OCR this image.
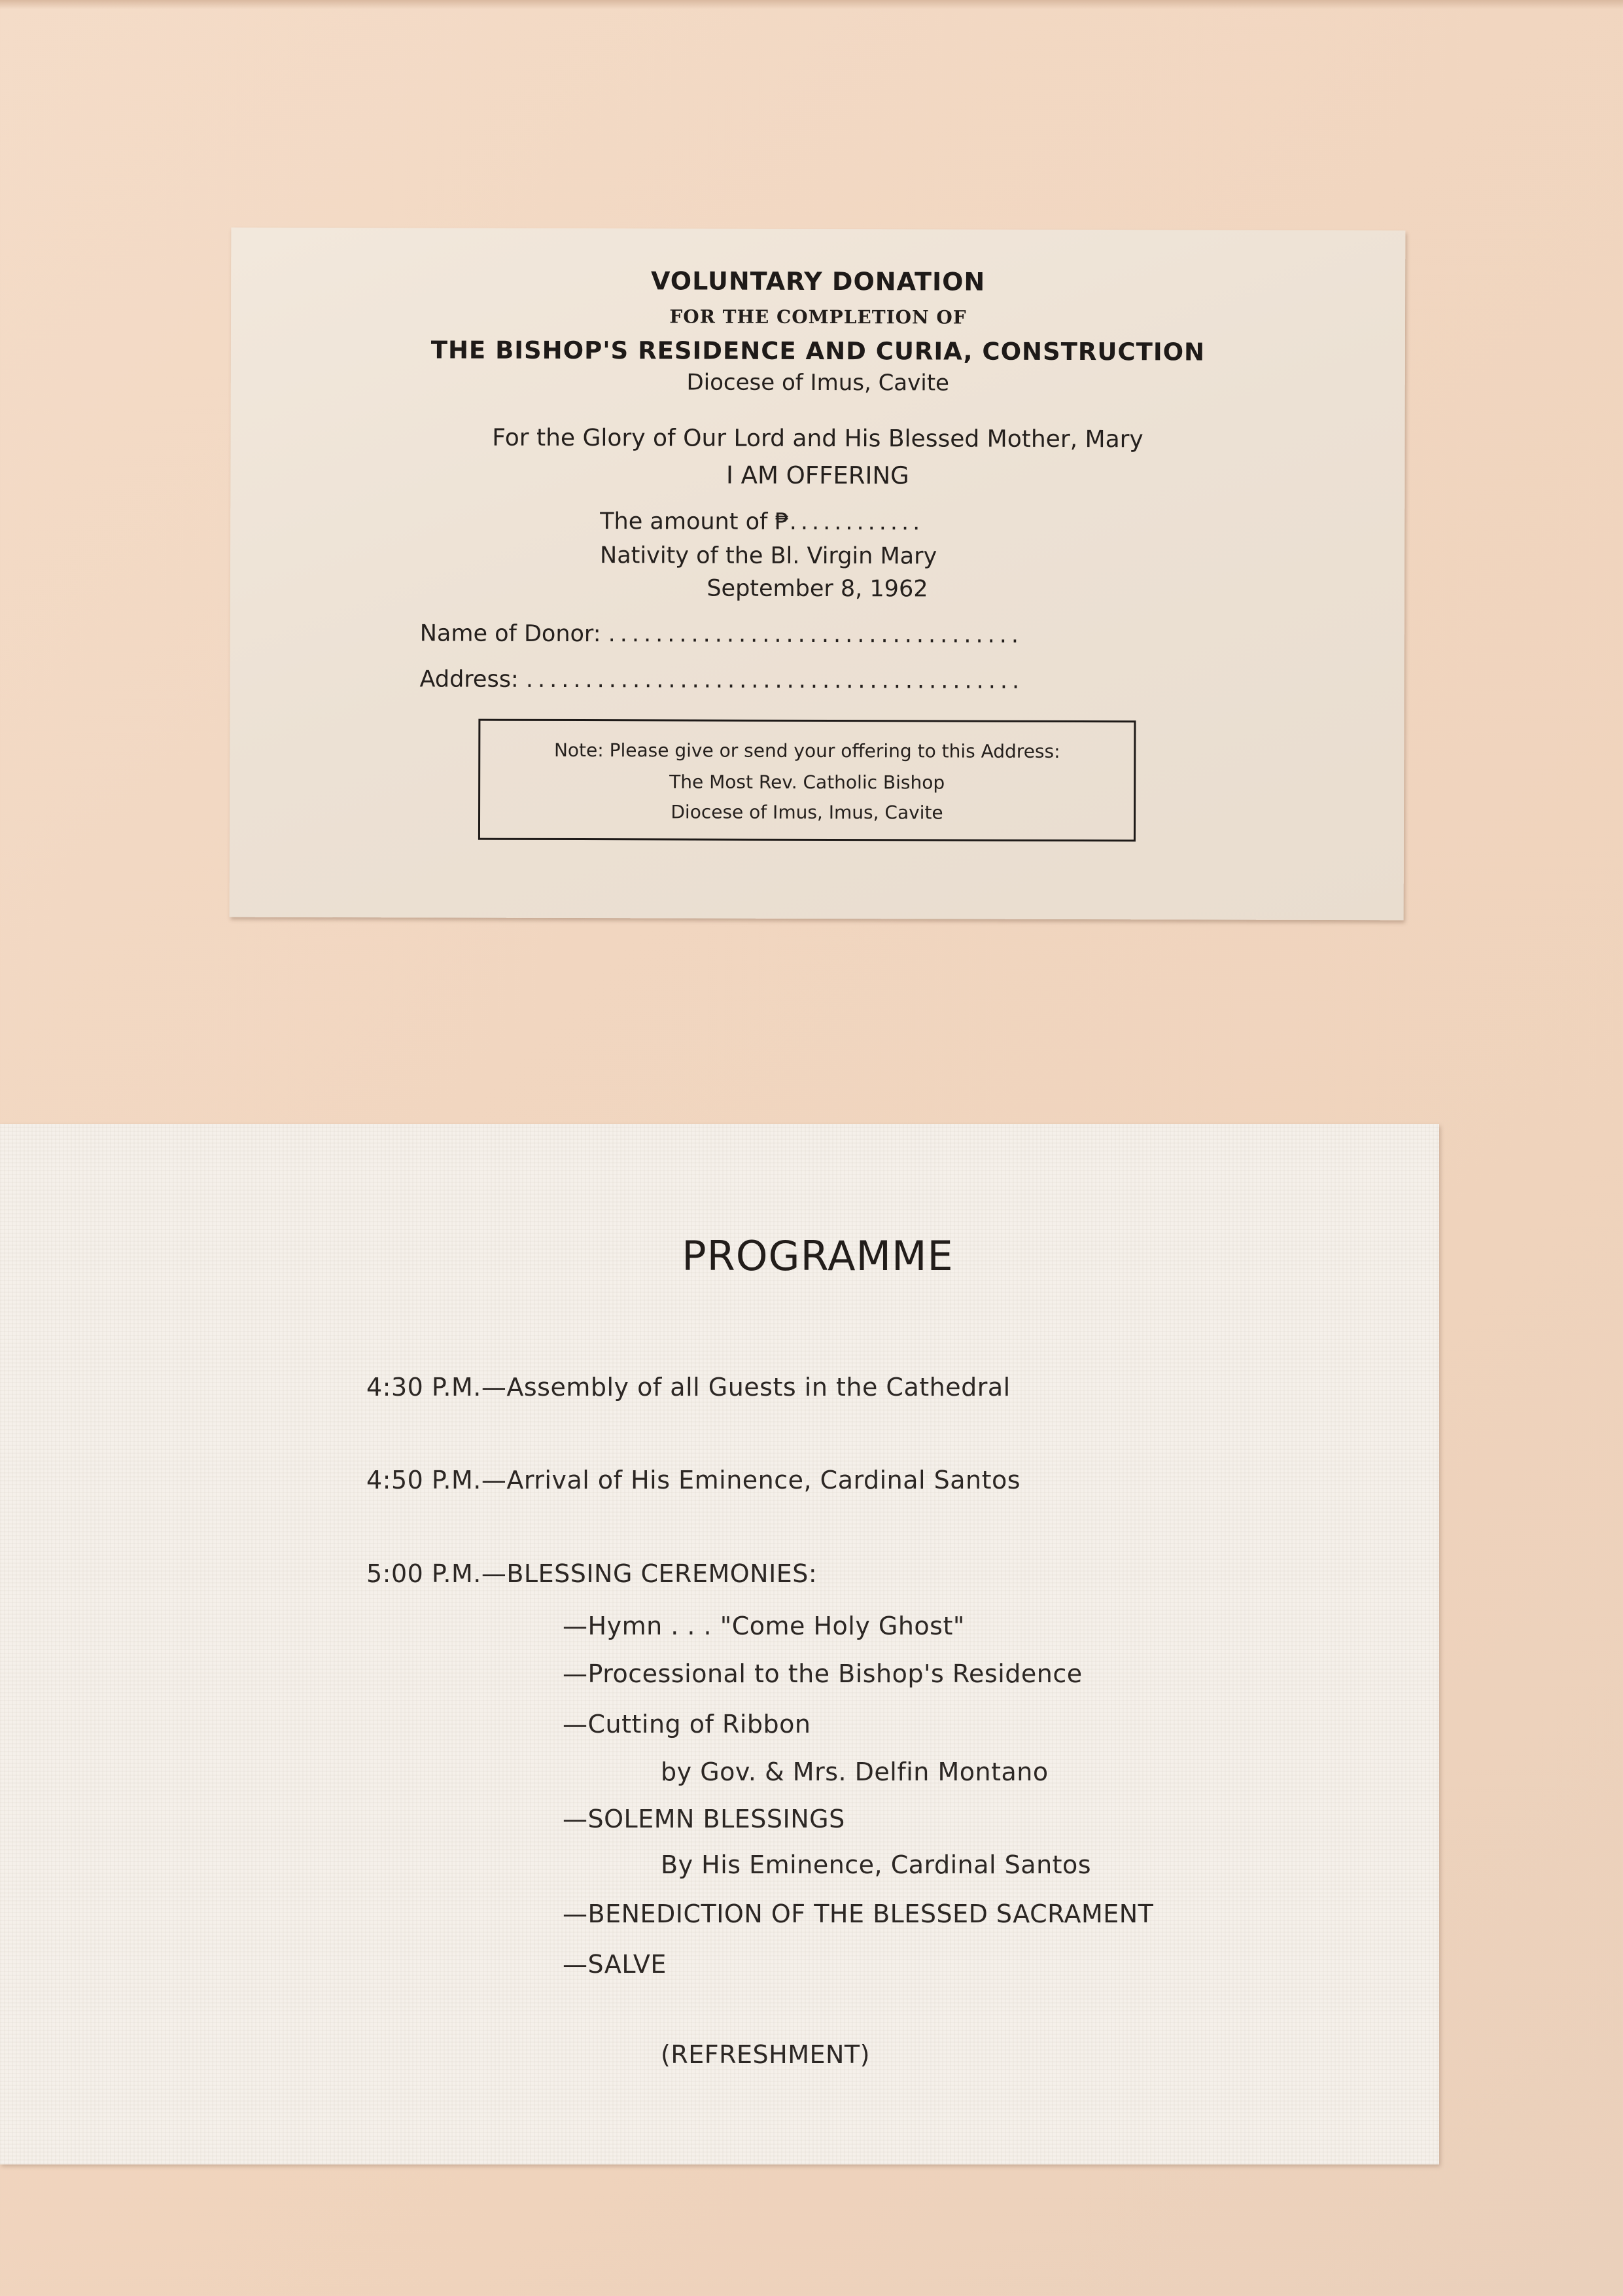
VOLUNTARY DONATION
FOR THE COMPLETION OF
THE BISHOP'S RESIDENCE AND CURIA, CONSTRUCTION
Diocese of Imus, Cavite
For the Glory of Our Lord and His Blessed Mother, Mary
I AM OFFERING
The amount of ₱............
Nativity of the Bl. Virgin Mary
September 8, 1962
Name of Donor: ...................................
Address: ..........................................
Note: Please give or send your offering to this Address:
The Most Rev. Catholic Bishop
Diocese of Imus, Imus, Cavite
PROGRAMME
4:30 P.M.—Assembly of all Guests in the Cathedral
4:50 P.M.—Arrival of His Eminence, Cardinal Santos
5:00 P.M.—BLESSING CEREMONIES:
—Hymn . . . "Come Holy Ghost"
—Processional to the Bishop's Residence
—Cutting of Ribbon
by Gov. & Mrs. Delfin Montano
—SOLEMN BLESSINGS
By His Eminence, Cardinal Santos
—BENEDICTION OF THE BLESSED SACRAMENT
—SALVE
(REFRESHMENT)
